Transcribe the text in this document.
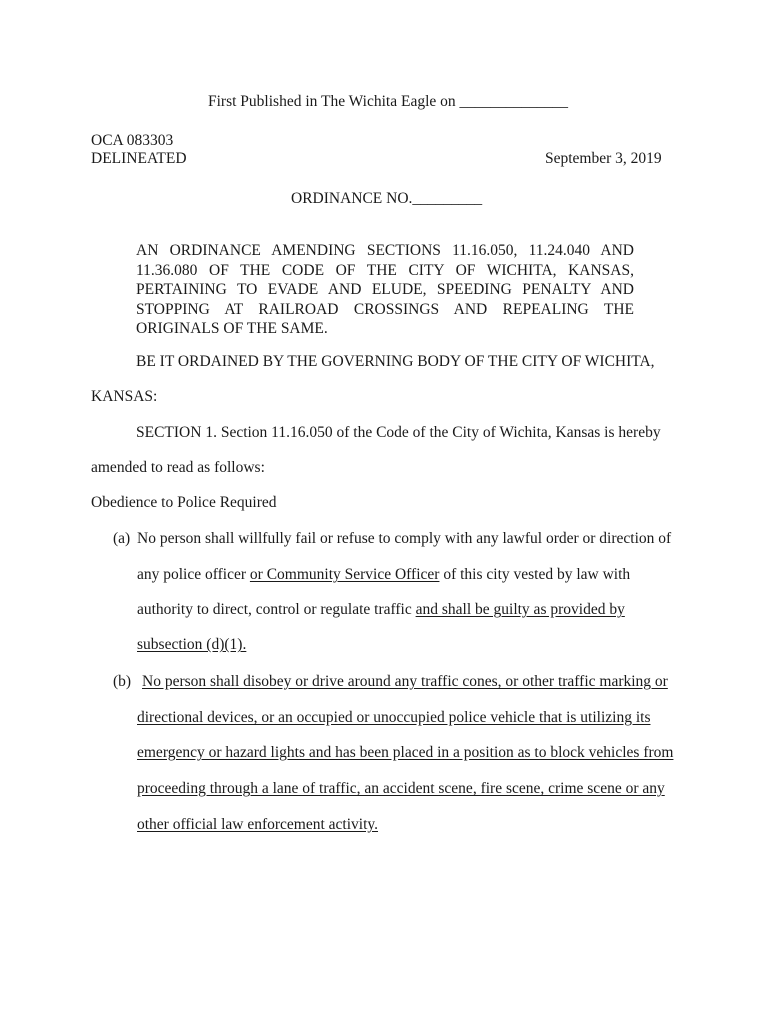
First Published in The Wichita Eagle on ______________
OCA 083303
DELINEATED	September 3, 2019
ORDINANCE NO._________
AN ORDINANCE AMENDING SECTIONS 11.16.050, 11.24.040 AND 11.36.080 OF THE CODE OF THE CITY OF WICHITA, KANSAS, PERTAINING TO EVADE AND ELUDE, SPEEDING PENALTY AND STOPPING AT RAILROAD CROSSINGS AND REPEALING THE ORIGINALS OF THE SAME.
BE IT ORDAINED BY THE GOVERNING BODY OF THE CITY OF WICHITA,
KANSAS:
SECTION 1. Section 11.16.050 of the Code of the City of Wichita, Kansas is hereby
amended to read as follows:
Obedience to Police Required
(a) No person shall willfully fail or refuse to comply with any lawful order or direction of
any police officer or Community Service Officer of this city vested by law with
authority to direct, control or regulate traffic and shall be guilty as provided by
subsection (d)(1).
(b) No person shall disobey or drive around any traffic cones, or other traffic marking or
directional devices, or an occupied or unoccupied police vehicle that is utilizing its
emergency or hazard lights and has been placed in a position as to block vehicles from
proceeding through a lane of traffic, an accident scene, fire scene, crime scene or any
other official law enforcement activity.
